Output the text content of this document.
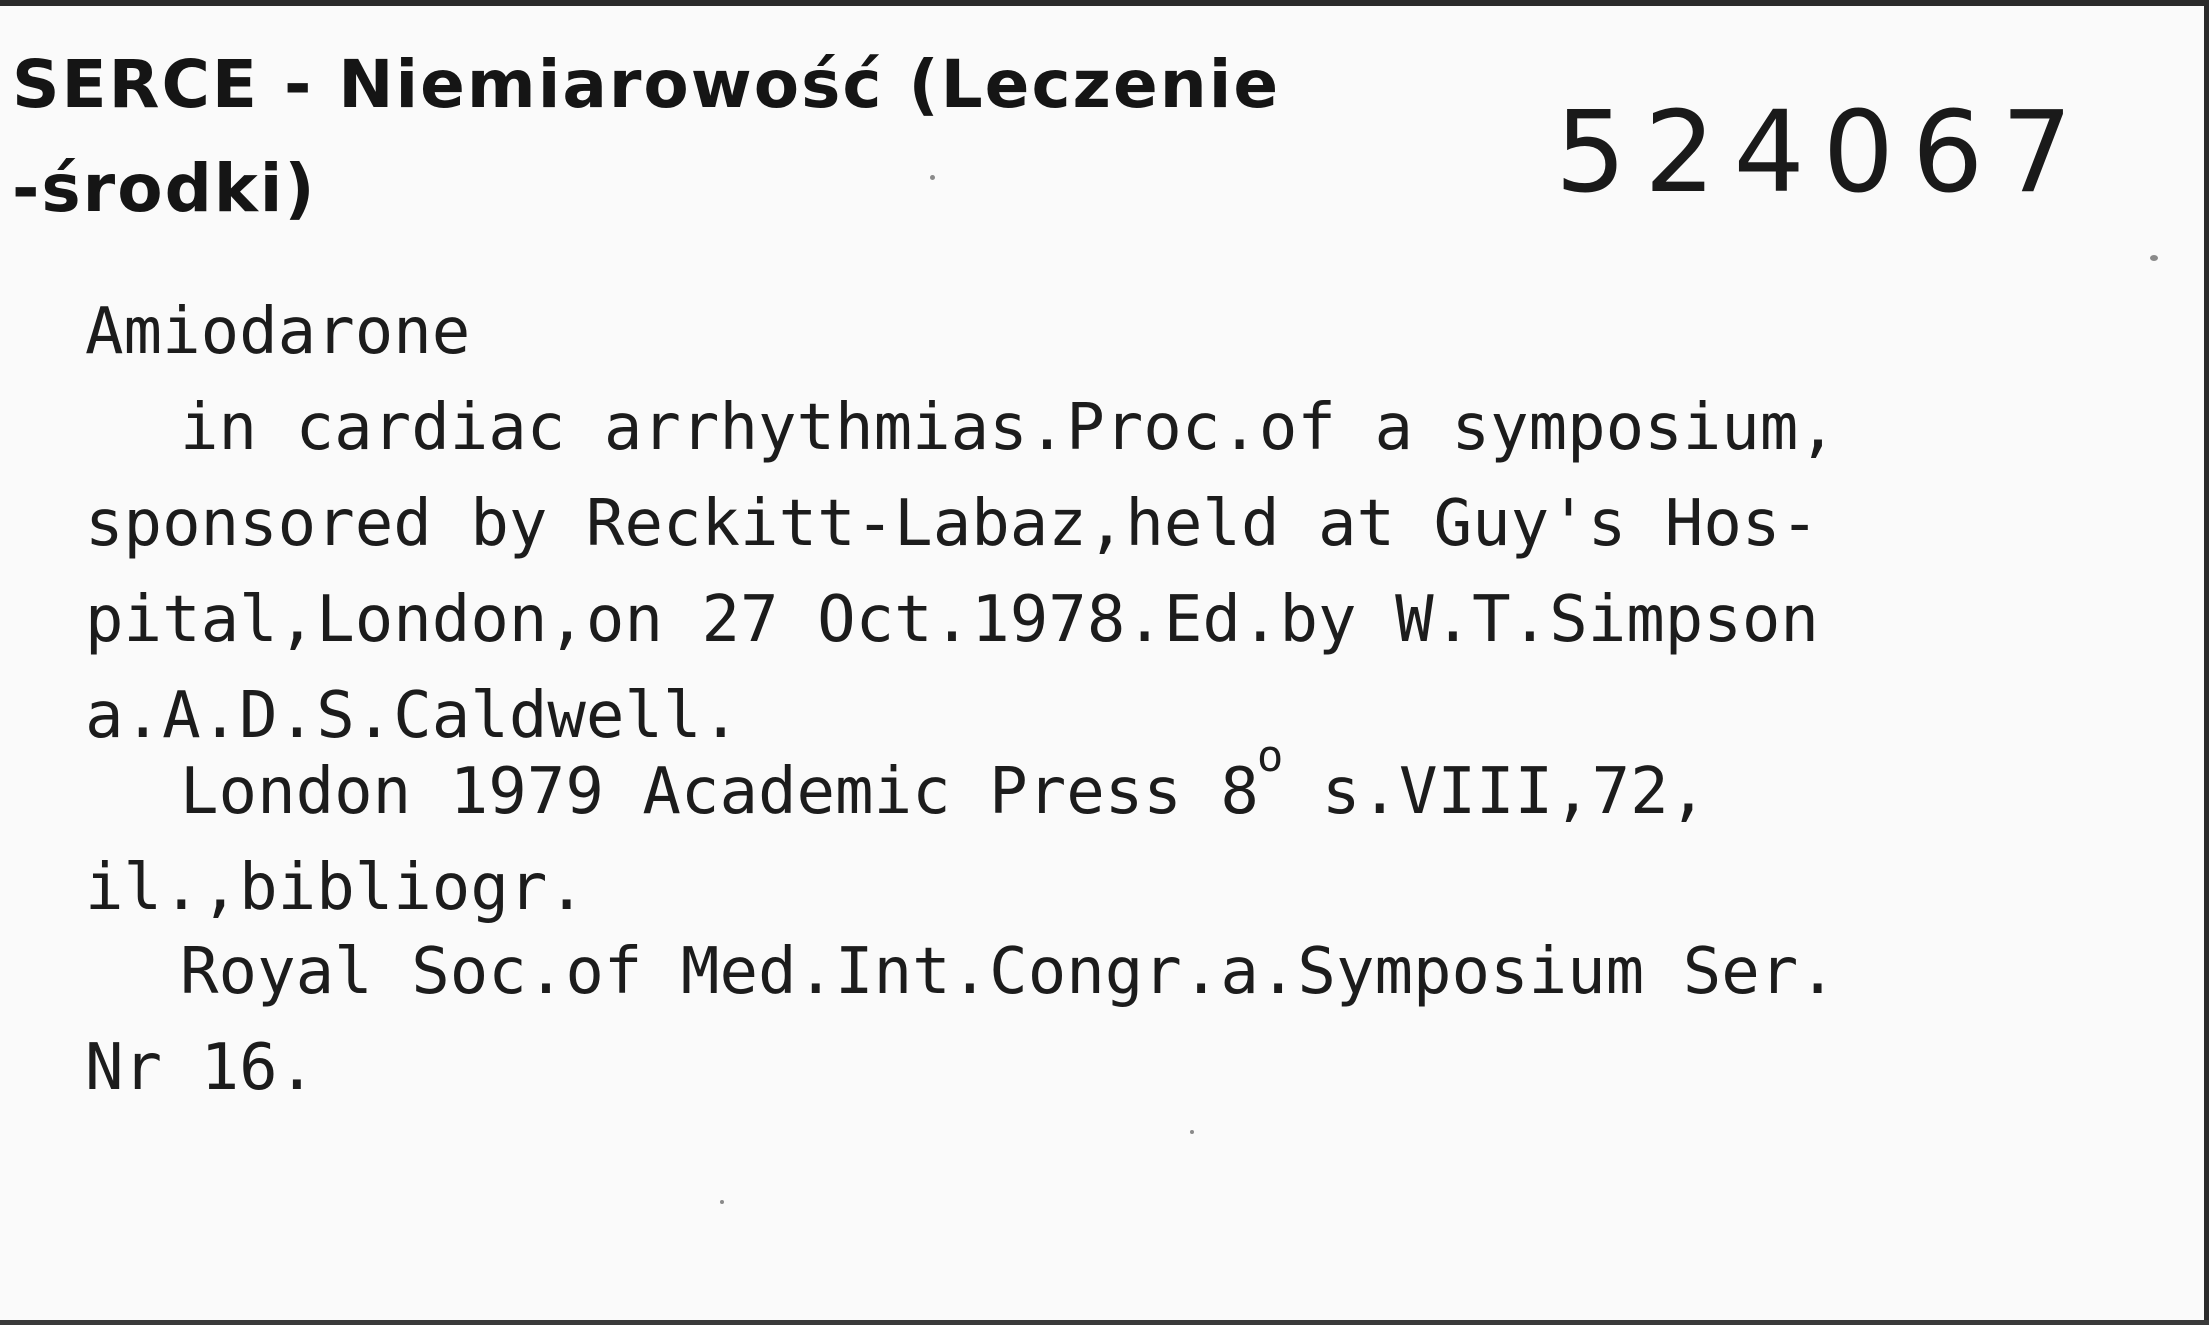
SERCE - Niemiarowość (Leczenie
-środki)	524067
Amiodarone
in cardiac arrhythmias.Proc.of a symposium,
sponsored by Reckitt-Labaz,held at Guy's Hos-
pital,London,on 27 Oct.1978.Ed.by W.T.Simpson
a.A.D.S.Caldwell.
London 1979 Academic Press 8$^o$ s.VIII,72,
il.,bibliogr.
Royal Soc.of Med.Int.Congr.a.Symposium Ser.
Nr 16.
